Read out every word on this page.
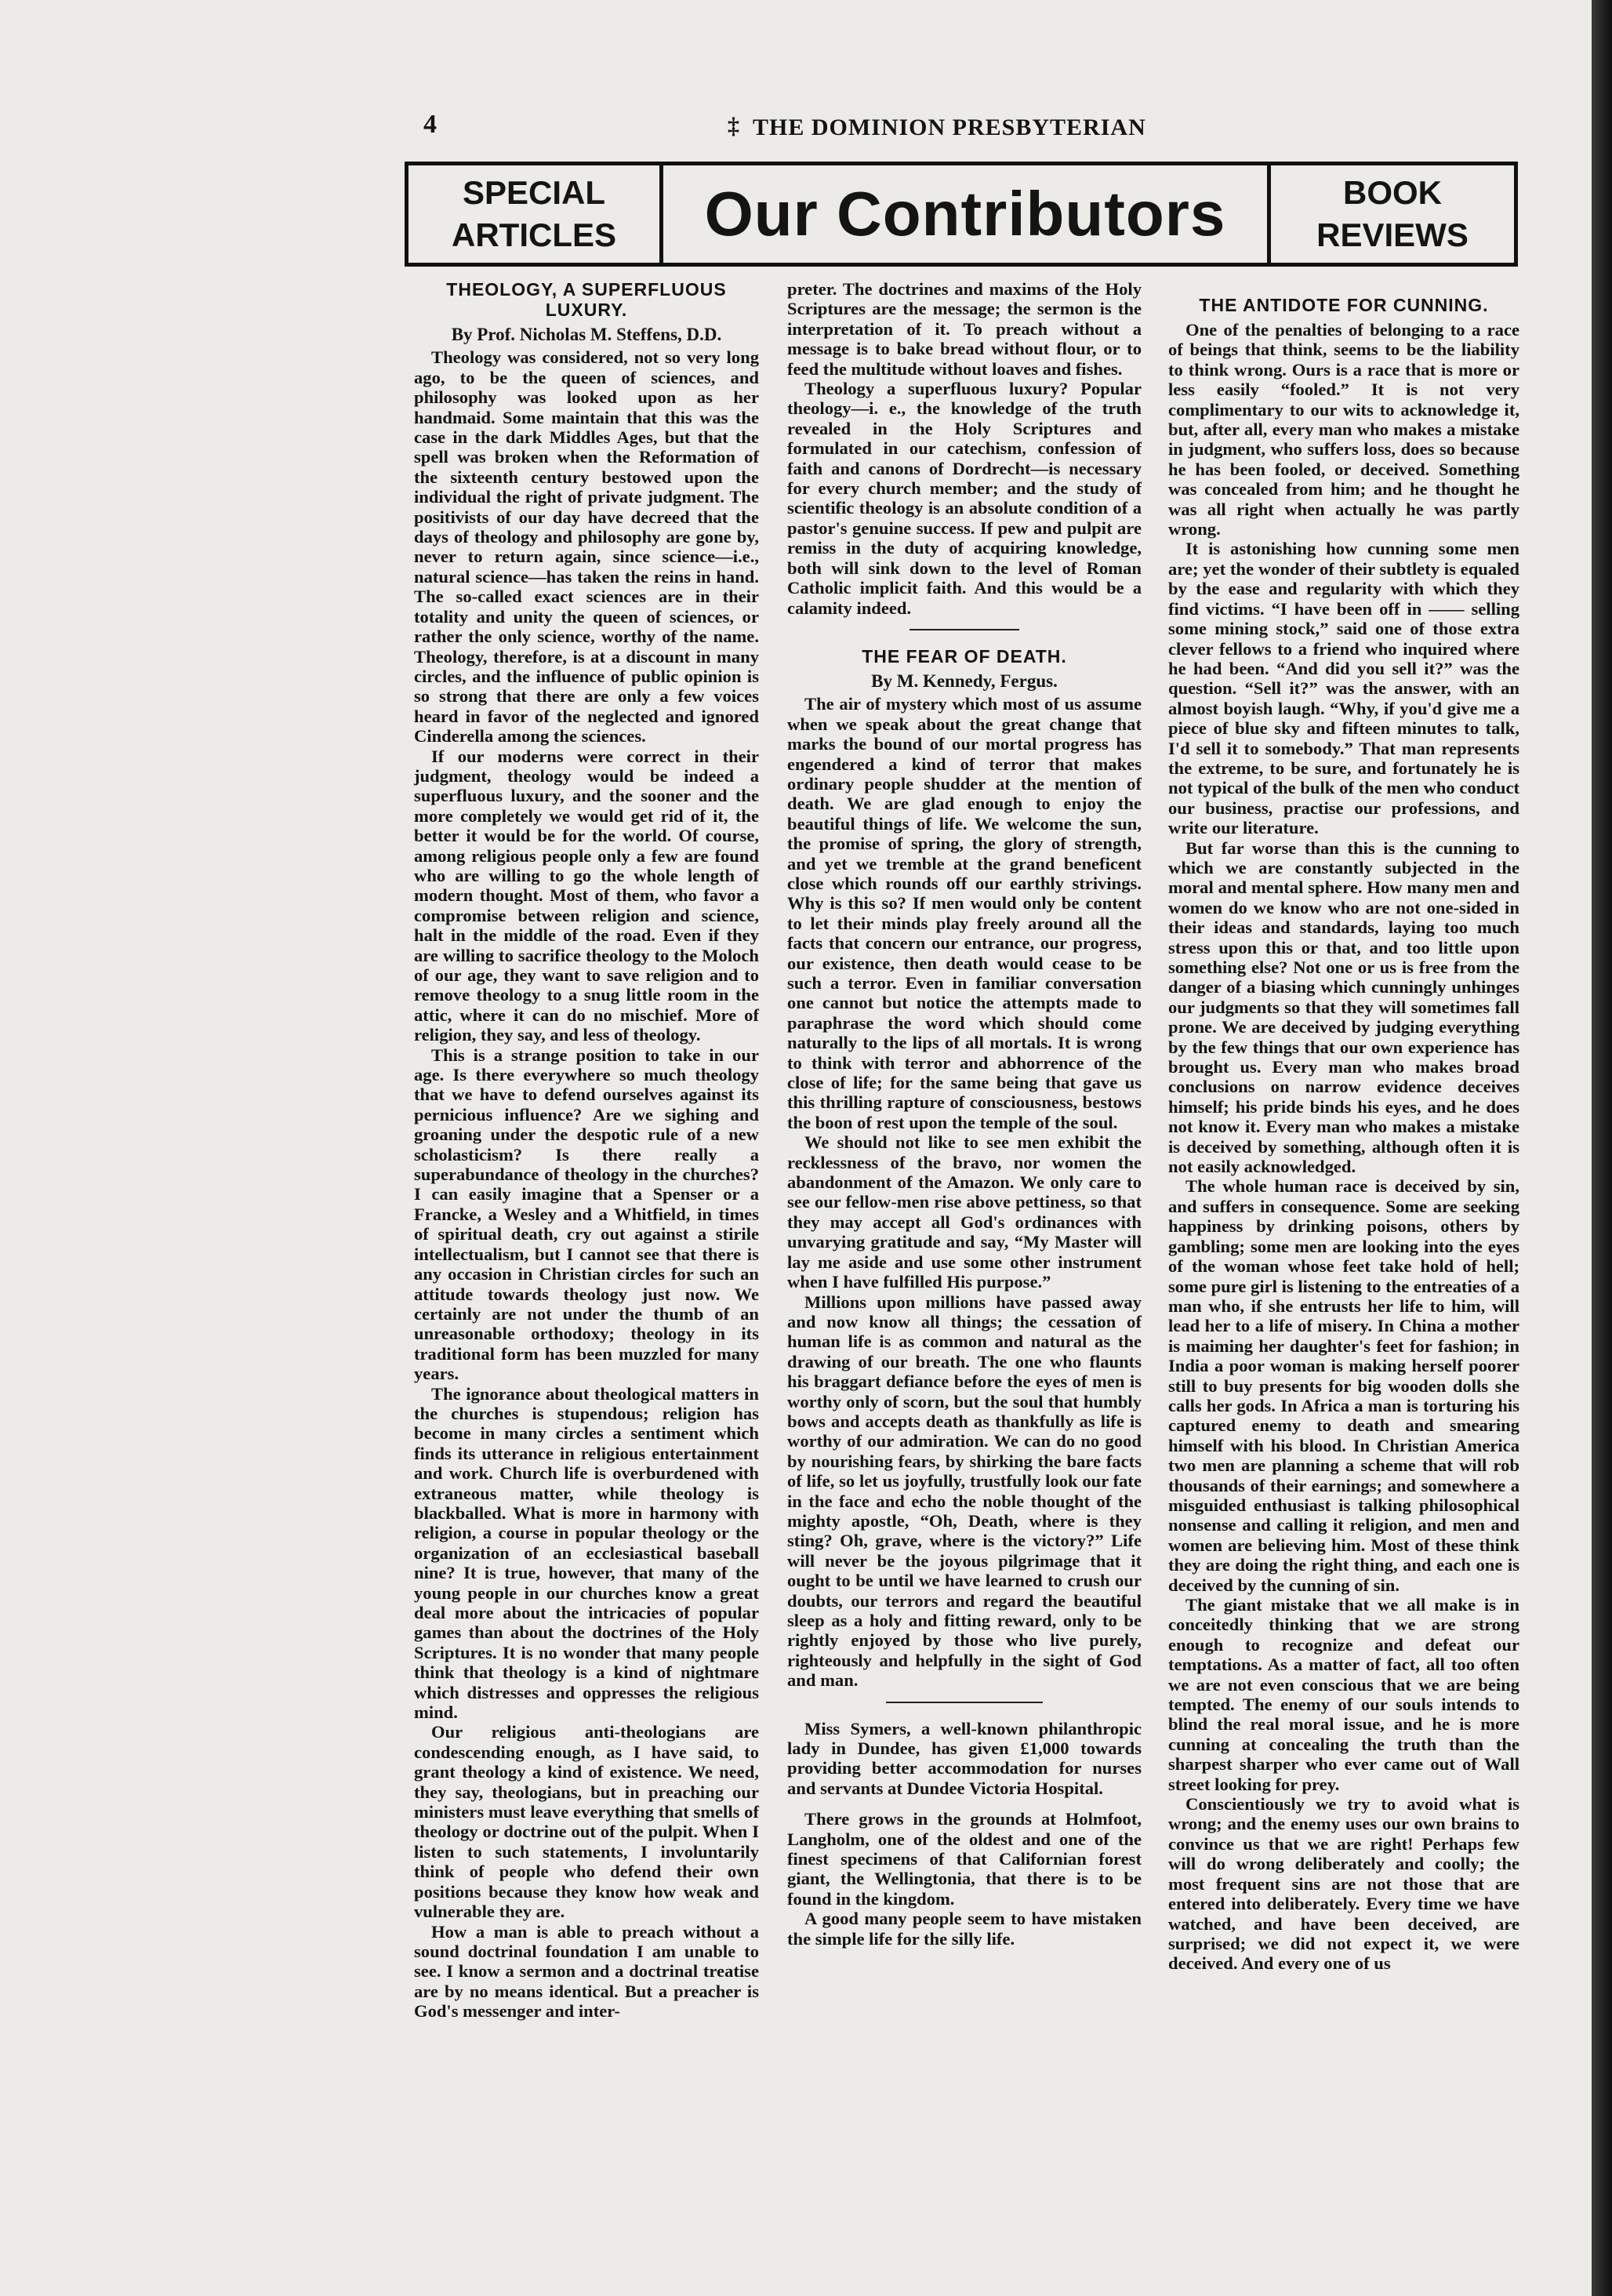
4	‡ THE DOMINION PRESBYTERIAN
SPECIAL
ARTICLES	Our Contributors	BOOK
REVIEWS
THEOLOGY, A SUPERFLUOUS
LUXURY.
By Prof. Nicholas M. Steffens, D.D.

Theology was considered, not so very long ago, to be the queen of sciences, and philosophy was looked upon as her handmaid. Some maintain that this was the case in the dark Middles Ages, but that the spell was broken when the Reformation of the sixteenth century bestowed upon the individual the right of private judgment. The positivists of our day have decreed that the days of theology and philosophy are gone by, never to return again, since science—i.e., natural science—has taken the reins in hand. The so-called exact sciences are in their totality and unity the queen of sciences, or rather the only science, worthy of the name. Theology, therefore, is at a discount in many circles, and the influence of public opinion is so strong that there are only a few voices heard in favor of the neglected and ignored Cinderella among the sciences.

If our moderns were correct in their judgment, theology would be indeed a superfluous luxury, and the sooner and the more completely we would get rid of it, the better it would be for the world. Of course, among religious people only a few are found who are willing to go the whole length of modern thought. Most of them, who favor a compromise between religion and science, halt in the middle of the road. Even if they are willing to sacrifice theology to the Moloch of our age, they want to save religion and to remove theology to a snug little room in the attic, where it can do no mischief. More of religion, they say, and less of theology.

This is a strange position to take in our age. Is there everywhere so much theology that we have to defend ourselves against its pernicious influence? Are we sighing and groaning under the despotic rule of a new scholasticism? Is there really a superabundance of theology in the churches? I can easily imagine that a Spenser or a Francke, a Wesley and a Whitfield, in times of spiritual death, cry out against a stirile intellectualism, but I cannot see that there is any occasion in Christian circles for such an attitude towards theology just now. We certainly are not under the thumb of an unreasonable orthodoxy; theology in its traditional form has been muzzled for many years.

The ignorance about theological matters in the churches is stupendous; religion has become in many circles a sentiment which finds its utterance in religious entertainment and work. Church life is overburdened with extraneous matter, while theology is blackballed. What is more in harmony with religion, a course in popular theology or the organization of an ecclesiastical baseball nine? It is true, however, that many of the young people in our churches know a great deal more about the intricacies of popular games than about the doctrines of the Holy Scriptures. It is no wonder that many people think that theology is a kind of nightmare which distresses and oppresses the religious mind.

Our religious anti-theologians are condescending enough, as I have said, to grant theology a kind of existence. We need, they say, theologians, but in preaching our ministers must leave everything that smells of theology or doctrine out of the pulpit. When I listen to such statements, I involuntarily think of people who defend their own positions because they know how weak and vulnerable they are.

How a man is able to preach without a sound doctrinal foundation I am unable to see. I know a sermon and a doctrinal treatise are by no means identical. But a preacher is God's messenger and inter-

preter. The doctrines and maxims of the Holy Scriptures are the message; the sermon is the interpretation of it. To preach without a message is to bake bread without flour, or to feed the multitude without loaves and fishes.

Theology a superfluous luxury? Popular theology—i. e., the knowledge of the truth revealed in the Holy Scriptures and formulated in our catechism, confession of faith and canons of Dordrecht—is necessary for every church member; and the study of scientific theology is an absolute condition of a pastor's genuine success. If pew and pulpit are remiss in the duty of acquiring knowledge, both will sink down to the level of Roman Catholic implicit faith. And this would be a calamity indeed.

THE FEAR OF DEATH.
By M. Kennedy, Fergus.

The air of mystery which most of us assume when we speak about the great change that marks the bound of our mortal progress has engendered a kind of terror that makes ordinary people shudder at the mention of death. We are glad enough to enjoy the beautiful things of life. We welcome the sun, the promise of spring, the glory of strength, and yet we tremble at the grand beneficent close which rounds off our earthly strivings. Why is this so? If men would only be content to let their minds play freely around all the facts that concern our entrance, our progress, our existence, then death would cease to be such a terror. Even in familiar conversation one cannot but notice the attempts made to paraphrase the word which should come naturally to the lips of all mortals. It is wrong to think with terror and abhorrence of the close of life; for the same being that gave us this thrilling rapture of consciousness, bestows the boon of rest upon the temple of the soul.

We should not like to see men exhibit the recklessness of the bravo, nor women the abandonment of the Amazon. We only care to see our fellow-men rise above pettiness, so that they may accept all God's ordinances with unvarying gratitude and say, “My Master will lay me aside and use some other instrument when I have fulfilled His purpose.”

Millions upon millions have passed away and now know all things; the cessation of human life is as common and natural as the drawing of our breath. The one who flaunts his braggart defiance before the eyes of men is worthy only of scorn, but the soul that humbly bows and accepts death as thankfully as life is worthy of our admiration. We can do no good by nourishing fears, by shirking the bare facts of life, so let us joyfully, trustfully look our fate in the face and echo the noble thought of the mighty apostle, “Oh, Death, where is they sting? Oh, grave, where is the victory?” Life will never be the joyous pilgrimage that it ought to be until we have learned to crush our doubts, our terrors and regard the beautiful sleep as a holy and fitting reward, only to be rightly enjoyed by those who live purely, righteously and helpfully in the sight of God and man.

Miss Symers, a well-known philanthropic lady in Dundee, has given £1,000 towards providing better accommodation for nurses and servants at Dundee Victoria Hospital.

There grows in the grounds at Holmfoot, Langholm, one of the oldest and one of the finest specimens of that Californian forest giant, the Wellingtonia, that there is to be found in the kingdom.

A good many people seem to have mistaken the simple life for the silly life.

THE ANTIDOTE FOR CUNNING.

One of the penalties of belonging to a race of beings that think, seems to be the liability to think wrong. Ours is a race that is more or less easily “fooled.” It is not very complimentary to our wits to acknowledge it, but, after all, every man who makes a mistake in judgment, who suffers loss, does so because he has been fooled, or deceived. Something was concealed from him; and he thought he was all right when actually he was partly wrong.

It is astonishing how cunning some men are; yet the wonder of their subtlety is equaled by the ease and regularity with which they find victims. “I have been off in —— selling some mining stock,” said one of those extra clever fellows to a friend who inquired where he had been. “And did you sell it?” was the question. “Sell it?” was the answer, with an almost boyish laugh. “Why, if you'd give me a piece of blue sky and fifteen minutes to talk, I'd sell it to somebody.” That man represents the extreme, to be sure, and fortunately he is not typical of the bulk of the men who conduct our business, practise our professions, and write our literature.

But far worse than this is the cunning to which we are constantly subjected in the moral and mental sphere. How many men and women do we know who are not one-sided in their ideas and standards, laying too much stress upon this or that, and too little upon something else? Not one or us is free from the danger of a biasing which cunningly unhinges our judgments so that they will sometimes fall prone. We are deceived by judging everything by the few things that our own experience has brought us. Every man who makes broad conclusions on narrow evidence deceives himself; his pride binds his eyes, and he does not know it. Every man who makes a mistake is deceived by something, although often it is not easily acknowledged.

The whole human race is deceived by sin, and suffers in consequence. Some are seeking happiness by drinking poisons, others by gambling; some men are looking into the eyes of the woman whose feet take hold of hell; some pure girl is listening to the entreaties of a man who, if she entrusts her life to him, will lead her to a life of misery. In China a mother is maiming her daughter's feet for fashion; in India a poor woman is making herself poorer still to buy presents for big wooden dolls she calls her gods. In Africa a man is torturing his captured enemy to death and smearing himself with his blood. In Christian America two men are planning a scheme that will rob thousands of their earnings; and somewhere a misguided enthusiast is talking philosophical nonsense and calling it religion, and men and women are believing him. Most of these think they are doing the right thing, and each one is deceived by the cunning of sin.

The giant mistake that we all make is in conceitedly thinking that we are strong enough to recognize and defeat our temptations. As a matter of fact, all too often we are not even conscious that we are being tempted. The enemy of our souls intends to blind the real moral issue, and he is more cunning at concealing the truth than the sharpest sharper who ever came out of Wall street looking for prey.

Conscientiously we try to avoid what is wrong; and the enemy uses our own brains to convince us that we are right! Perhaps few will do wrong deliberately and coolly; the most frequent sins are not those that are entered into deliberately. Every time we have watched, and have been deceived, are surprised; we did not expect it, we were deceived. And every one of us
